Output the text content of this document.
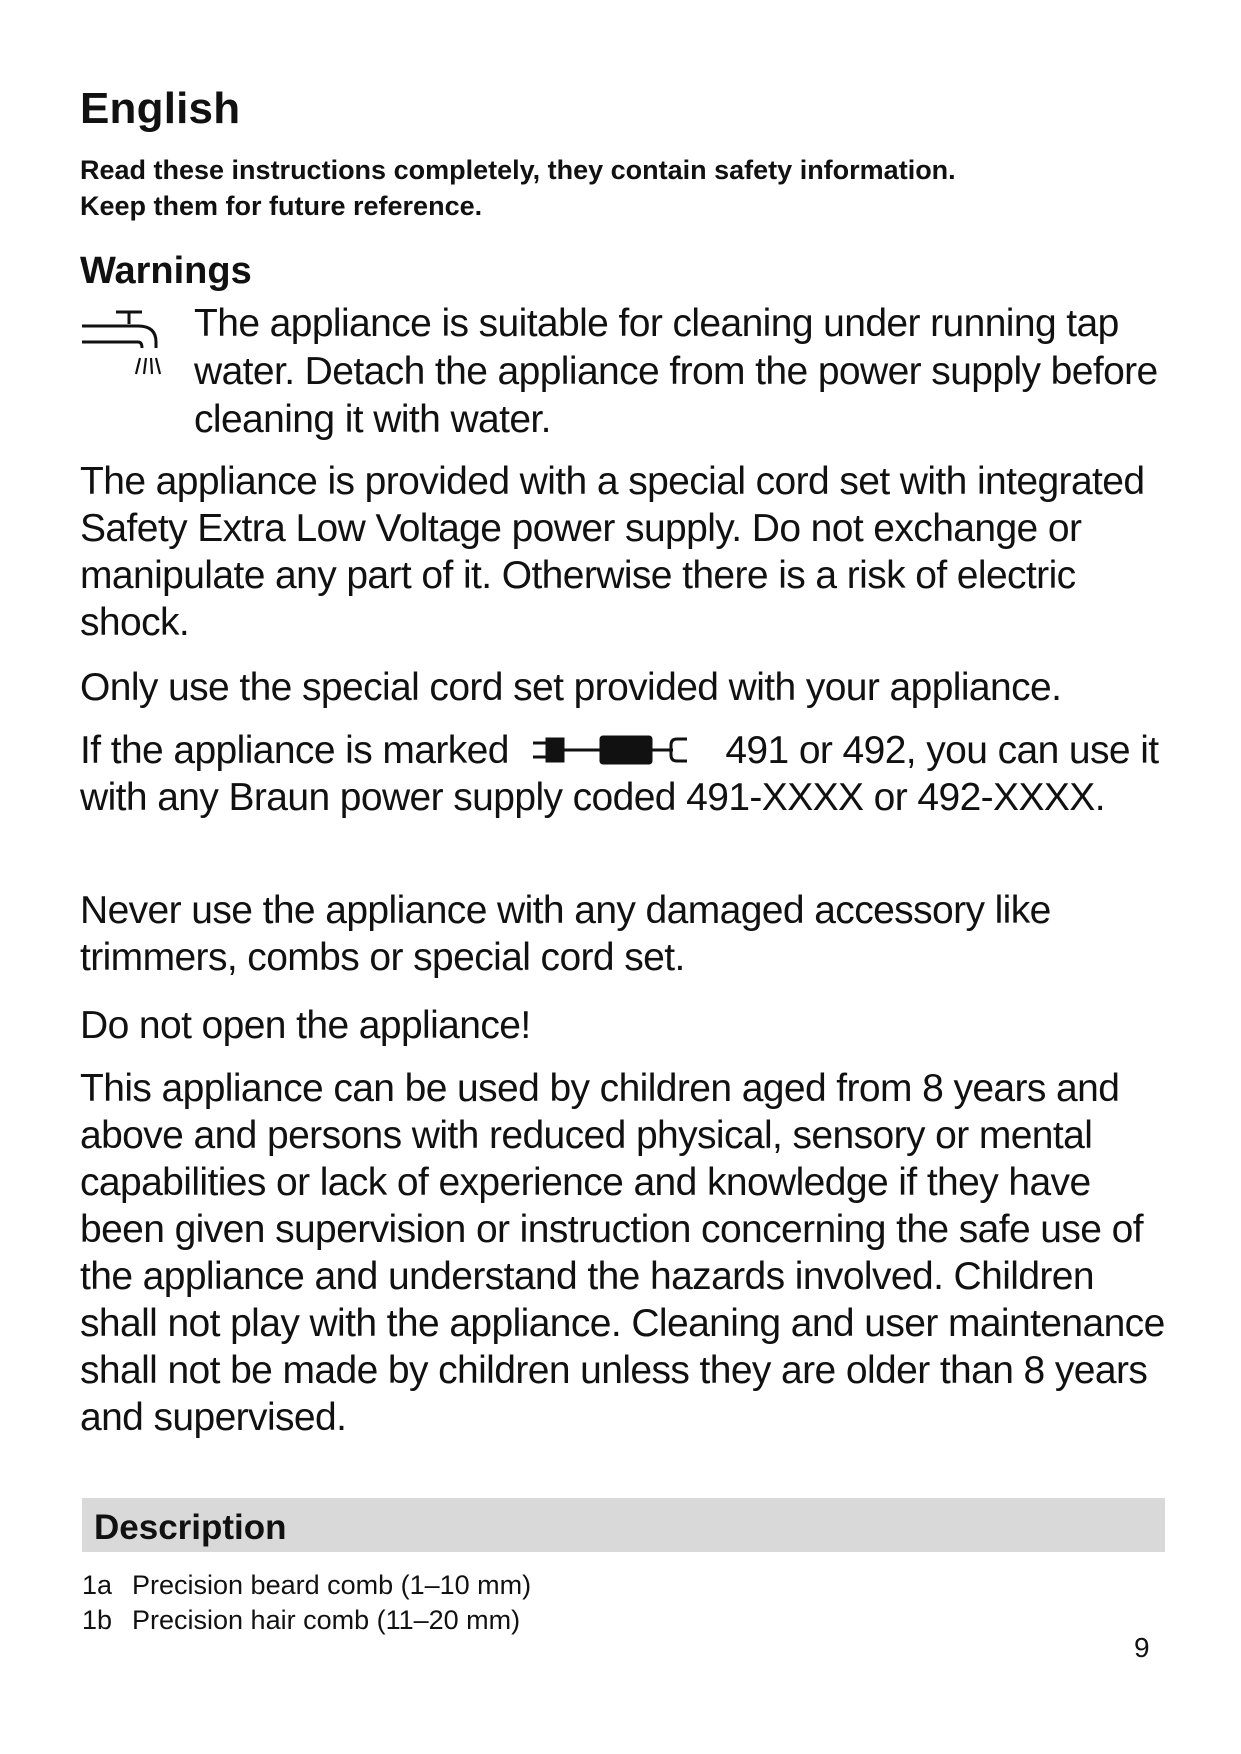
English
Read these instructions completely, they contain safety information.
Keep them for future reference.
Warnings
The appliance is suitable for cleaning under running tap water. Detach the appliance from the power supply before cleaning it with water.
The appliance is provided with a special cord set with integrated Safety Extra Low Voltage power supply. Do not exchange or manipulate any part of it. Otherwise there is a risk of electric shock.
Only use the special cord set provided with your appliance.
If the appliance is marked	491 or 492, you can use it with any Braun power supply coded 491-XXXX or 492-XXXX.
Never use the appliance with any damaged accessory like trimmers, combs or special cord set.
Do not open the appliance!
This appliance can be used by children aged from 8 years and above and persons with reduced physical, sensory or mental capabilities or lack of experience and knowledge if they have been given supervision or instruction concerning the safe use of the appliance and understand the hazards involved. Children shall not play with the appliance. Cleaning and user maintenance shall not be made by children unless they are older than 8 years and supervised.
Description
1a Precision beard comb (1–10 mm)
1b Precision hair comb (11–20 mm)
9
